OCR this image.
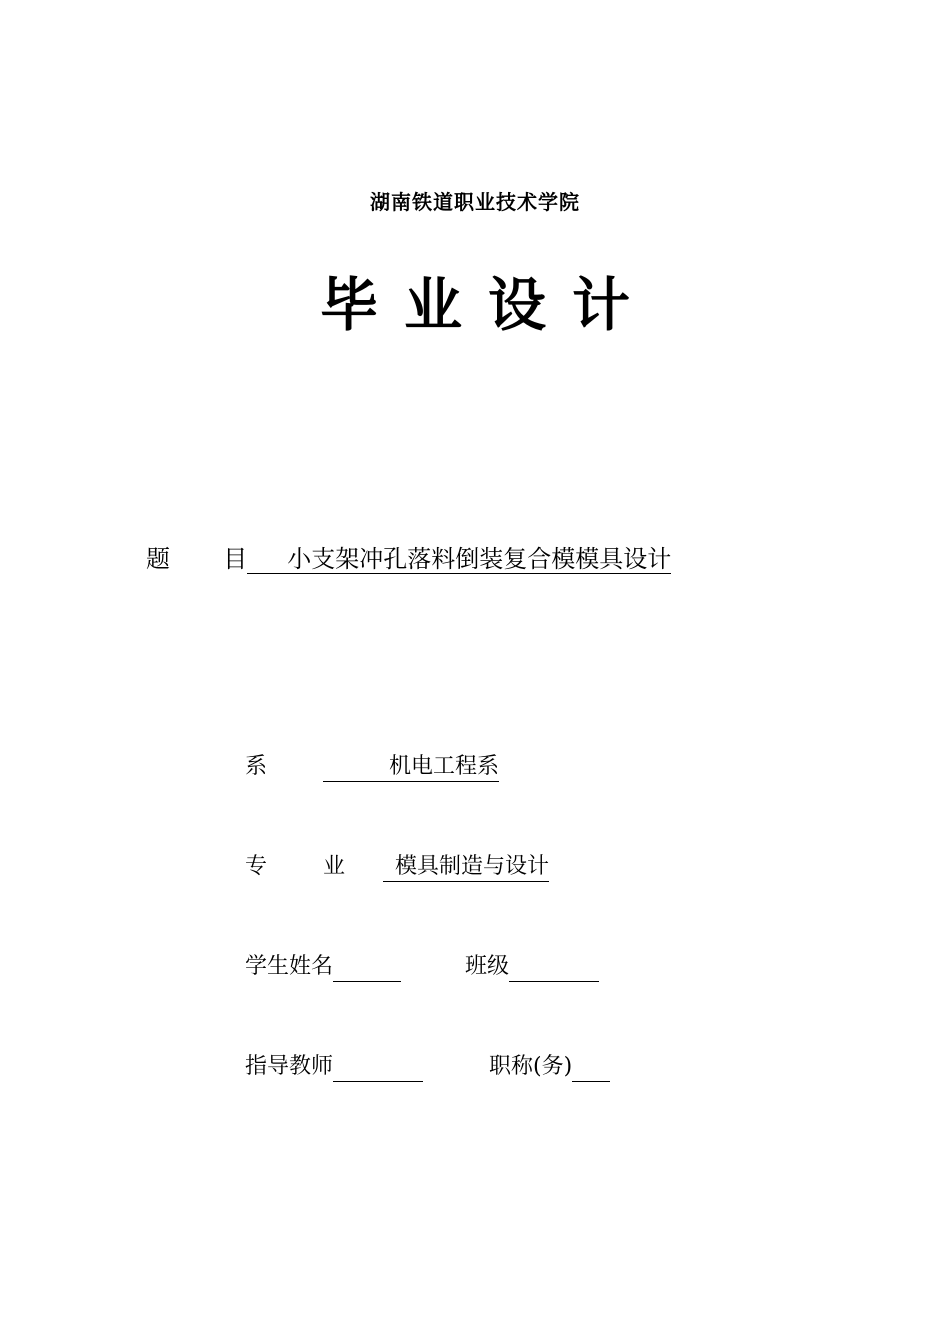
湖南铁道职业技术学院
毕 业 设 计
题 目 小支架冲孔落料倒装复合模模具设计
系	机电工程系
专	业 模具制造与设计
学生姓名	班级
指导教师	职称(务)
